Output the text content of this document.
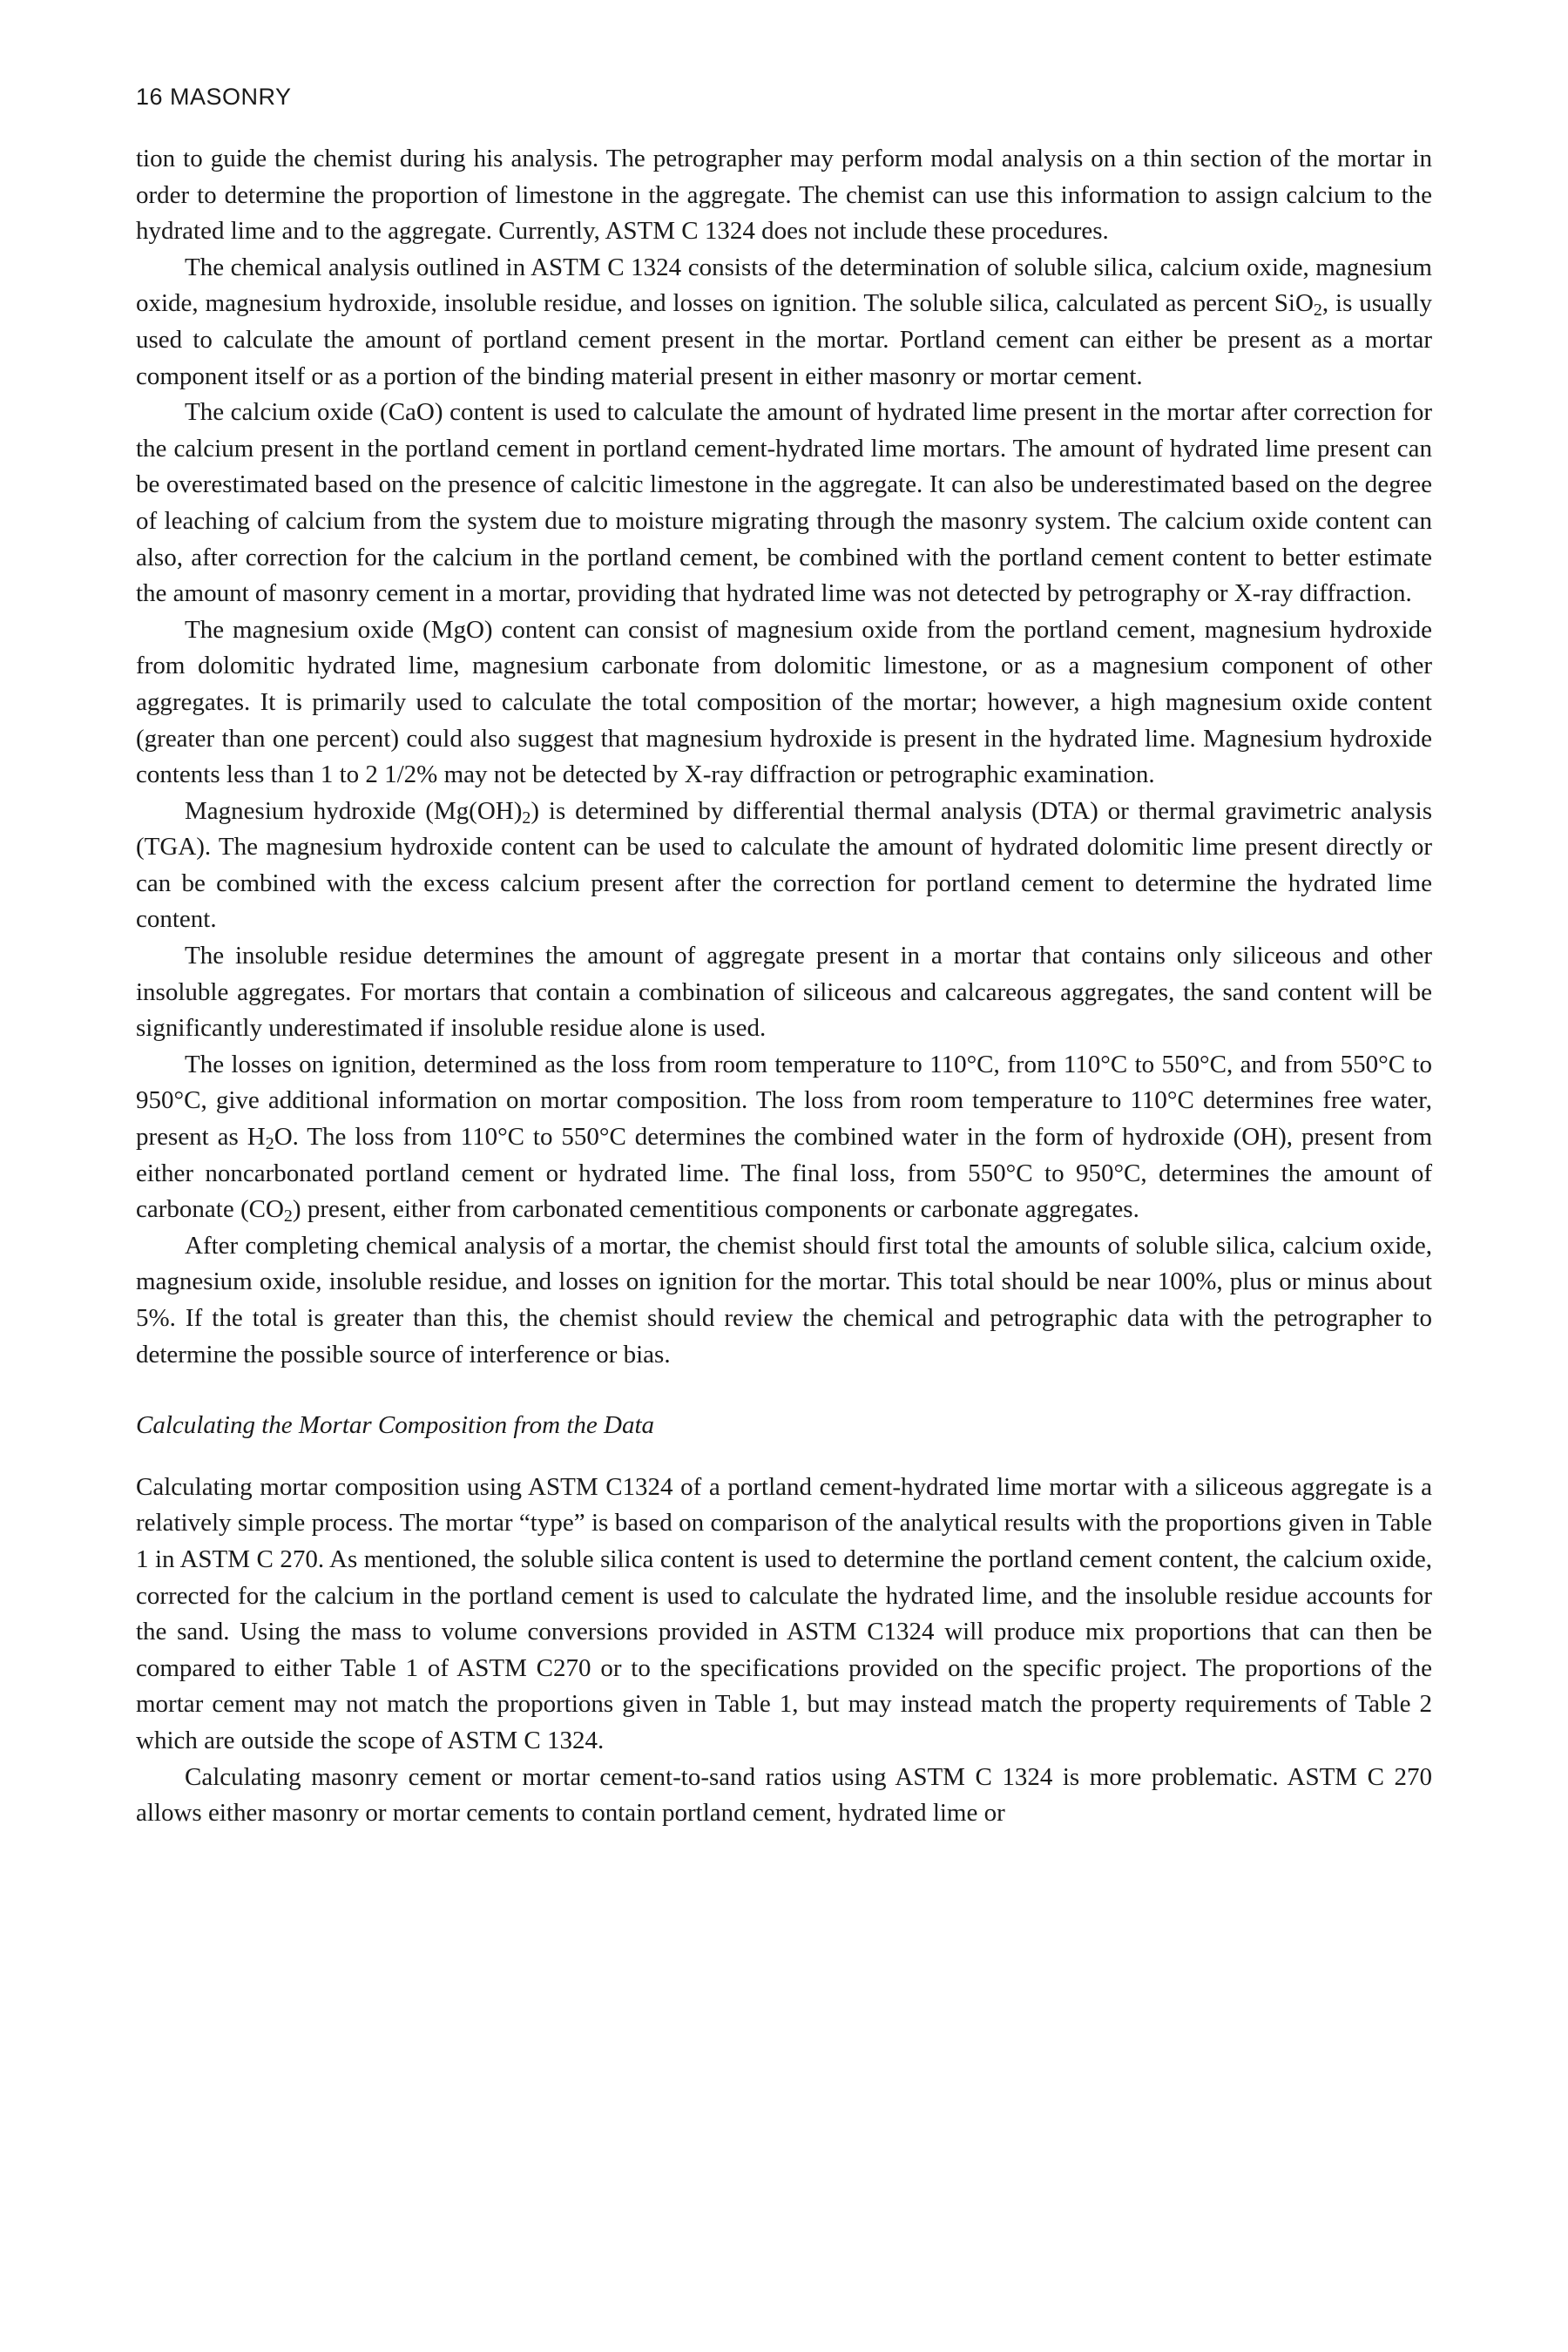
16 MASONRY

tion to guide the chemist during his analysis. The petrographer may perform modal analysis on a thin section of the mortar in order to determine the proportion of limestone in the aggregate. The chemist can use this information to assign calcium to the hydrated lime and to the aggregate. Currently, ASTM C 1324 does not include these procedures.

The chemical analysis outlined in ASTM C 1324 consists of the determination of soluble silica, calcium oxide, magnesium oxide, magnesium hydroxide, insoluble residue, and losses on ignition. The soluble silica, calculated as percent SiO$_2$, is usually used to calculate the amount of portland cement present in the mortar. Portland cement can either be present as a mortar component itself or as a portion of the binding material present in either masonry or mortar cement.

The calcium oxide (CaO) content is used to calculate the amount of hydrated lime present in the mortar after correction for the calcium present in the portland cement in portland cement-hydrated lime mortars. The amount of hydrated lime present can be overestimated based on the presence of calcitic limestone in the aggregate. It can also be underestimated based on the degree of leaching of calcium from the system due to moisture migrating through the masonry system. The calcium oxide content can also, after correction for the calcium in the portland cement, be combined with the portland cement content to better estimate the amount of masonry cement in a mortar, providing that hydrated lime was not detected by petrography or X-ray diffraction.

The magnesium oxide (MgO) content can consist of magnesium oxide from the portland cement, magnesium hydroxide from dolomitic hydrated lime, magnesium carbonate from dolomitic limestone, or as a magnesium component of other aggregates. It is primarily used to calculate the total composition of the mortar; however, a high magnesium oxide content (greater than one percent) could also suggest that magnesium hydroxide is present in the hydrated lime. Magnesium hydroxide contents less than 1 to 2 1/2% may not be detected by X-ray diffraction or petrographic examination.

Magnesium hydroxide $(Mg(OH)_2)$ is determined by differential thermal analysis (DTA) or thermal gravimetric analysis (TGA). The magnesium hydroxide content can be used to calculate the amount of hydrated dolomitic lime present directly or can be combined with the excess calcium present after the correction for portland cement to determine the hydrated lime content.

The insoluble residue determines the amount of aggregate present in a mortar that contains only siliceous and other insoluble aggregates. For mortars that contain a combination of siliceous and calcareous aggregates, the sand content will be significantly underestimated if insoluble residue alone is used.

The losses on ignition, determined as the loss from room temperature to 110°C, from 110°C to 550°C, and from 550°C to 950°C, give additional information on mortar composition. The loss from room temperature to 110°C determines free water, present as $H_2O$. The loss from 110°C to 550°C determines the combined water in the form of hydroxide (OH), present from either noncarbonated portland cement or hydrated lime. The final loss, from 550°C to 950°C, determines the amount of carbonate $(CO_2)$ present, either from carbonated cementitious components or carbonate aggregates.

After completing chemical analysis of a mortar, the chemist should first total the amounts of soluble silica, calcium oxide, magnesium oxide, insoluble residue, and losses on ignition for the mortar. This total should be near 100%, plus or minus about 5%. If the total is greater than this, the chemist should review the chemical and petrographic data with the petrographer to determine the possible source of interference or bias.

Calculating the Mortar Composition from the Data

Calculating mortar composition using ASTM C1324 of a portland cement-hydrated lime mortar with a siliceous aggregate is a relatively simple process. The mortar “type” is based on comparison of the analytical results with the proportions given in Table 1 in ASTM C 270. As mentioned, the soluble silica content is used to determine the portland cement content, the calcium oxide, corrected for the calcium in the portland cement is used to calculate the hydrated lime, and the insoluble residue accounts for the sand. Using the mass to volume conversions provided in ASTM C1324 will produce mix proportions that can then be compared to either Table 1 of ASTM C270 or to the specifications provided on the specific project. The proportions of the mortar cement may not match the proportions given in Table 1, but may instead match the property requirements of Table 2 which are outside the scope of ASTM C 1324.

Calculating masonry cement or mortar cement-to-sand ratios using ASTM C 1324 is more problematic. ASTM C 270 allows either masonry or mortar cements to contain portland cement, hydrated lime or
